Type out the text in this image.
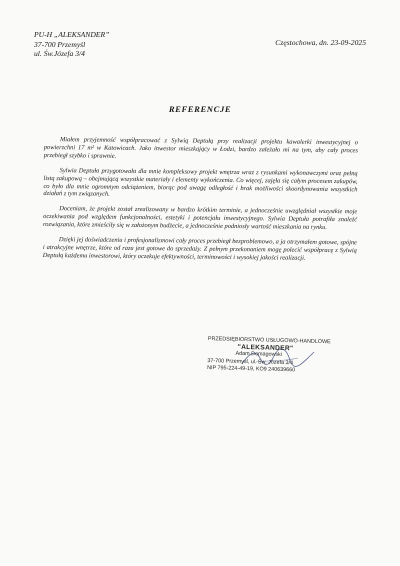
PU-H „ALEKSANDER”
37-700 Przemyśl
ul. Św.Józefa 3/4
Częstochowa, dn. 23-09-2025
REFERENCJE

Miałem przyjemność współpracować z Sylwią Deptułą przy realizacji projektu kawalerki inwestycyjnej o powierzchni 17 m² w Katowicach. Jako inwestor mieszkający w Łodzi, bardzo zależało mi na tym, aby cały proces przebiegł szybko i sprawnie.

Sylwia Deptuła przygotowała dla mnie kompleksowy projekt wnętrza wraz z rysunkami wykonawczymi oraz pełną listą zakupową – obejmującą wszystkie materiały i elementy wykończenia. Co więcej, zajęła się całym procesem zakupów, co było dla mnie ogromnym odciążeniem, biorąc pod uwagę odległość i brak możliwości skoordynowania wszystkich działań z tym związanych.

Doceniam, że projekt został zrealizowany w bardzo krótkim terminie, a jednocześnie uwzględniał wszystkie moje oczekiwania pod względem funkcjonalności, estetyki i potencjału inwestycyjnego. Sylwia Deptuła potrafiła znaleźć rozwiązania, które zmieściły się w założonym budżecie, a jednocześnie podniosły wartość mieszkania na rynku.

Dzięki jej doświadczeniu i profesjonalizmowi cały proces przebiegł bezproblemowo, a ja otrzymałem gotowe, spójne i atrakcyjne wnętrze, które od razu jest gotowe do sprzedaży. Z pełnym przekonaniem mogę polecić współpracę z Sylwią Deptułą każdemu inwestorowi, który oczekuje efektywności, terminowości i wysokiej jakości realizacji.

PRZEDSIĘBIORSTWO USŁUGOWO-HANDLOWE
"ALEKSANDER"
Adam Domagowski
37-700 Przemyśl, ul. Św. Józefa 3/4
NIP 795-224-49-19, KO9 240639660
